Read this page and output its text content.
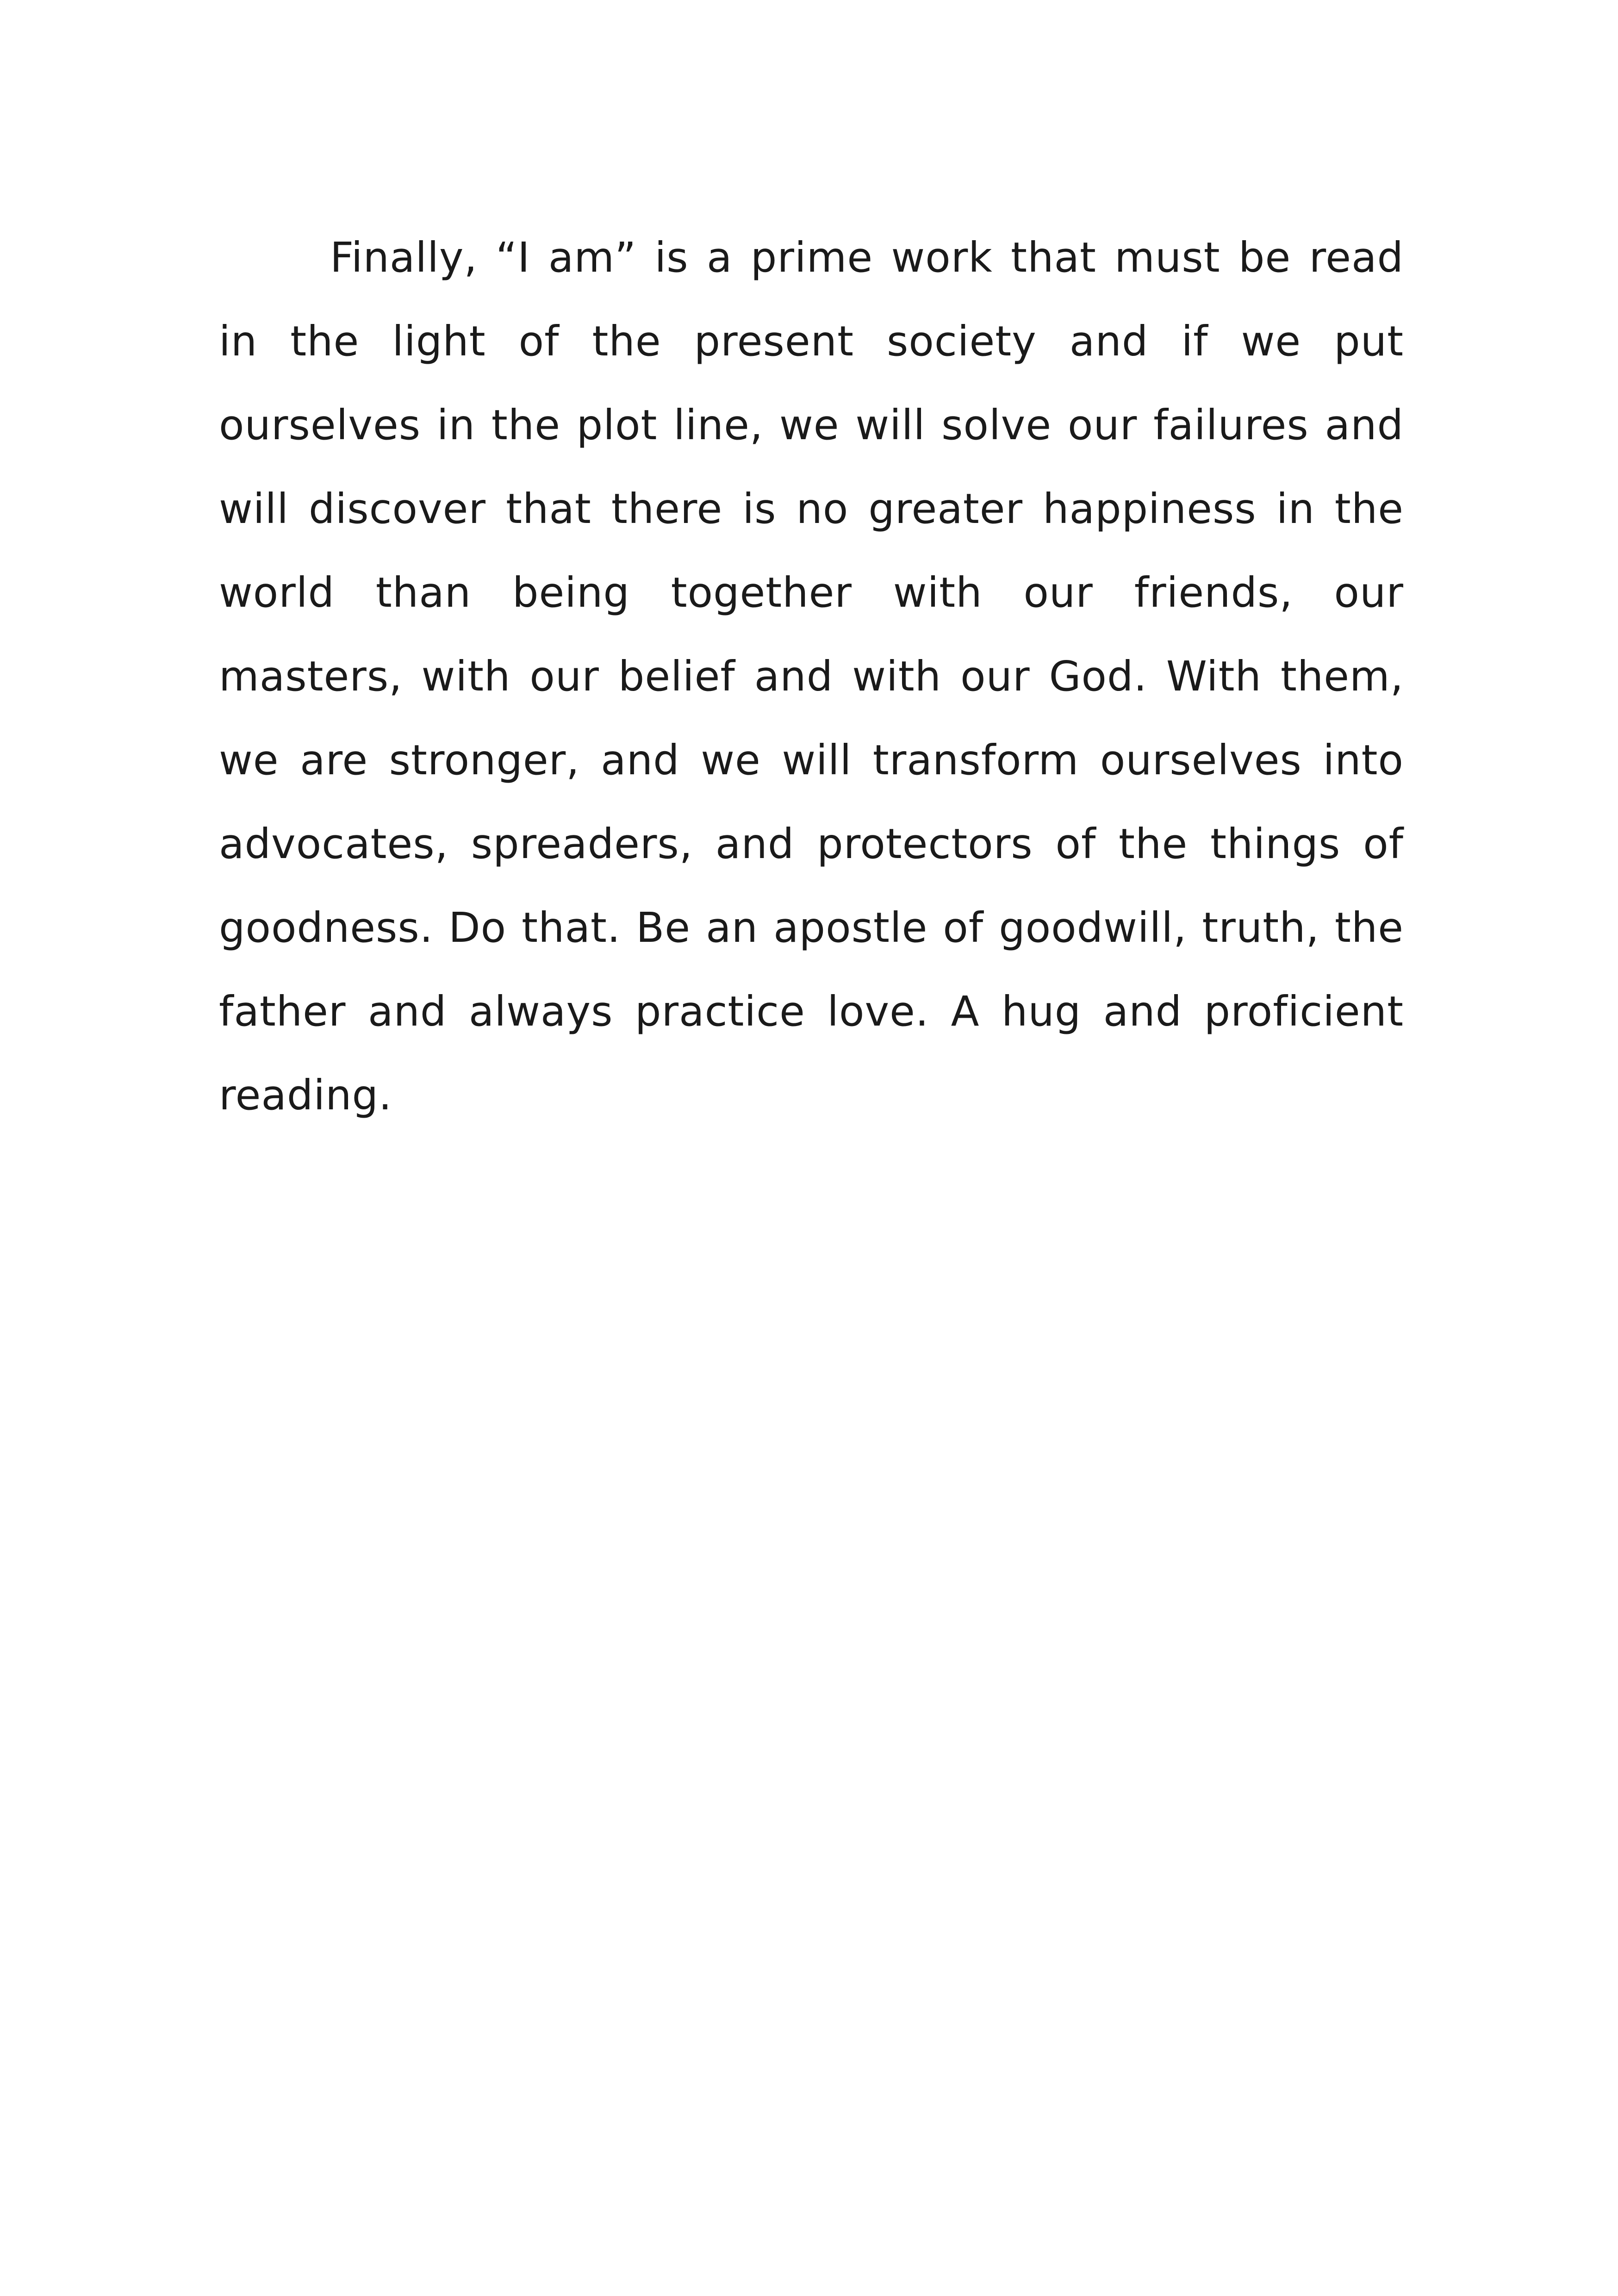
Finally, “I am” is a prime work that must be read in the light of the present society and if we put ourselves in the plot line, we will solve our failures and will discover that there is no greater happiness in the world than being together with our friends, our masters, with our belief and with our God. With them, we are stronger, and we will transform ourselves into advocates, spreaders, and protectors of the things of goodness. Do that. Be an apostle of goodwill, truth, the father and always practice love. A hug and proficient reading.
